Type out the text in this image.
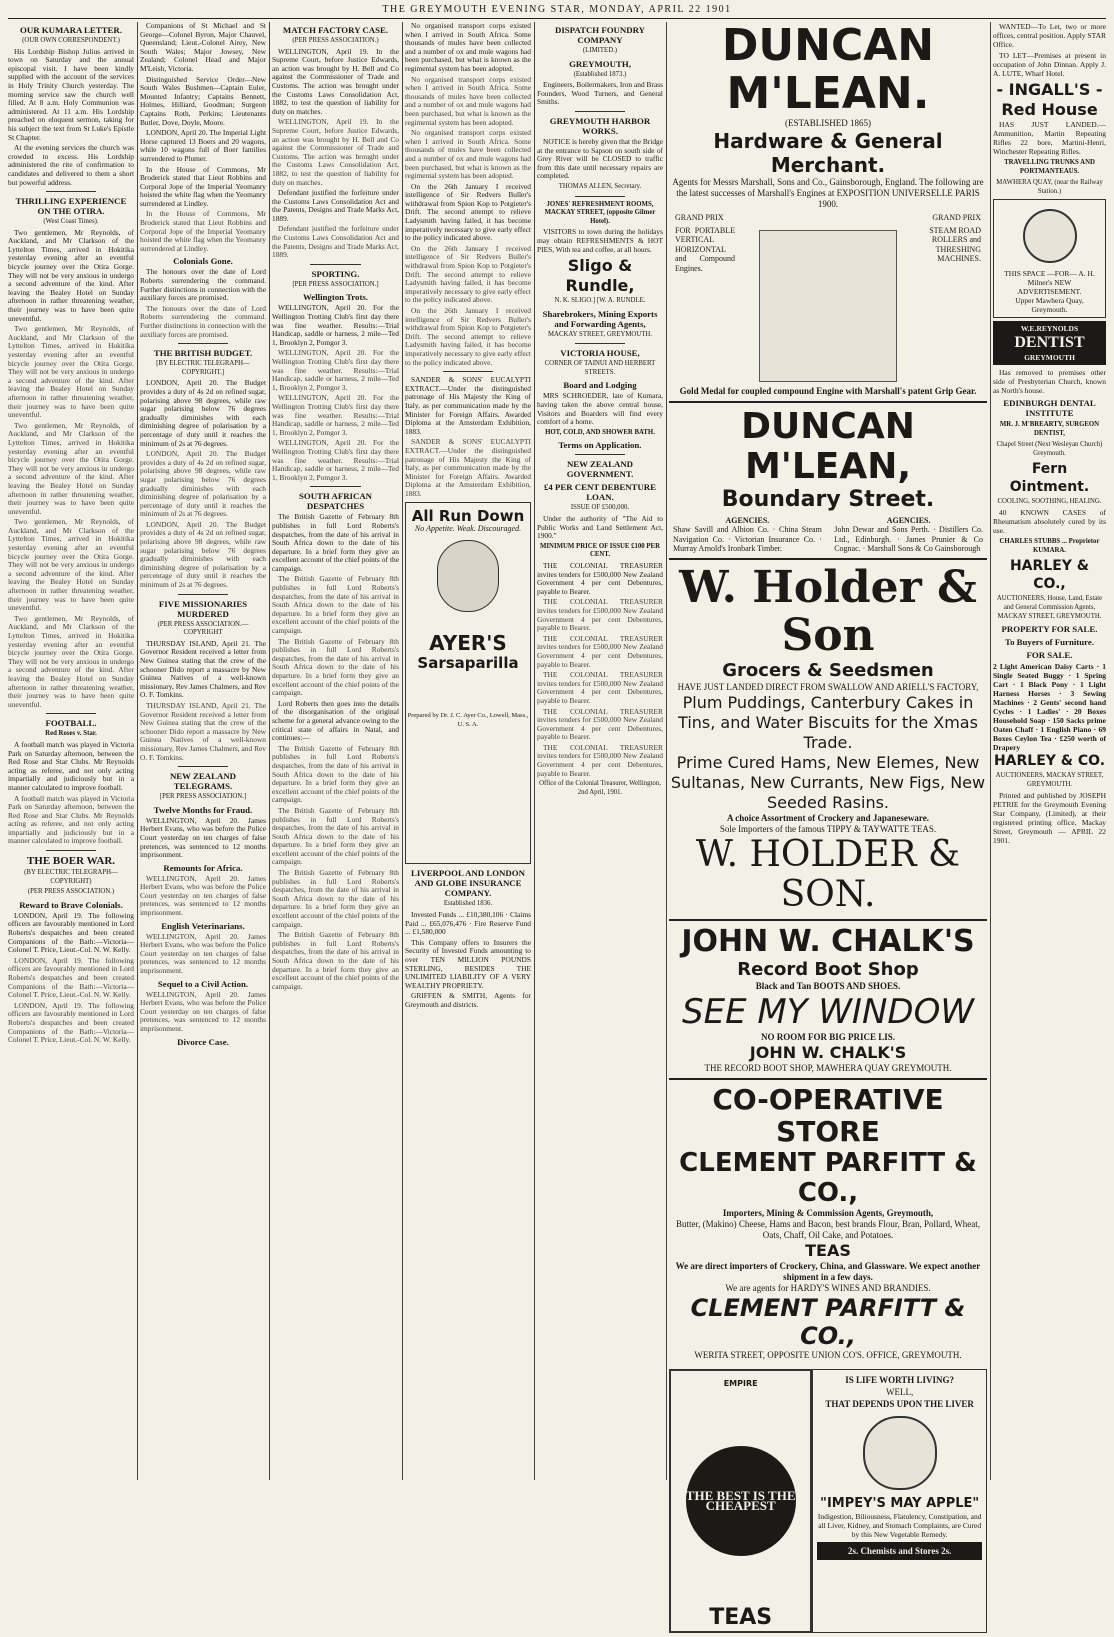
THE GREYMOUTH EVENING STAR, MONDAY, APRIL 22 1901
OUR KUMARA LETTER.
(OUR OWN CORRESPONDENT.)

His Lordship Bishop Julius arrived in town on Saturday and the annual episcopal visit. I have been kindly supplied with the account of the services in Holy Trinity Church yesterday. The morning service saw the church well filled. At 8 a.m. Holy Communion was administered. At 11 a.m. His Lordship preached on eloquent sermon, taking for his subject the text from St Luke's Epistle St Chapter.

At the evening services the church was crowded to excess. His Lordship administered the rite of confirmation to candidates and delivered to them a short but powerful address.

THRILLING EXPERIENCE ON THE OTIRA.
(West Coast Times).

Two gentlemen, Mr Reynolds, of Auckland, and Mr Clarkson of the Lyttelton Times, arrived in Hokitika yesterday evening after an eventful bicycle journey over the Otira Gorge. They will not be very anxious in undergo a second adventure of the kind. After leaving the Bealey Hotel on Sunday afternoon in rather threatening weather, their journey was to have been quite uneventful.

Two gentlemen, Mr Reynolds, of Auckland, and Mr Clarkson of the Lyttelton Times, arrived in Hokitika yesterday evening after an eventful bicycle journey over the Otira Gorge. They will not be very anxious in undergo a second adventure of the kind. After leaving the Bealey Hotel on Sunday afternoon in rather threatening weather, their journey was to have been quite uneventful.

Two gentlemen, Mr Reynolds, of Auckland, and Mr Clarkson of the Lyttelton Times, arrived in Hokitika yesterday evening after an eventful bicycle journey over the Otira Gorge. They will not be very anxious in undergo a second adventure of the kind. After leaving the Bealey Hotel on Sunday afternoon in rather threatening weather, their journey was to have been quite uneventful.

Two gentlemen, Mr Reynolds, of Auckland, and Mr Clarkson of the Lyttelton Times, arrived in Hokitika yesterday evening after an eventful bicycle journey over the Otira Gorge. They will not be very anxious in undergo a second adventure of the kind. After leaving the Bealey Hotel on Sunday afternoon in rather threatening weather, their journey was to have been quite uneventful.

Two gentlemen, Mr Reynolds, of Auckland, and Mr Clarkson of the Lyttelton Times, arrived in Hokitika yesterday evening after an eventful bicycle journey over the Otira Gorge. They will not be very anxious in undergo a second adventure of the kind. After leaving the Bealey Hotel on Sunday afternoon in rather threatening weather, their journey was to have been quite uneventful.

FOOTBALL.
Red Roses v. Star.

A football match was played in Victoria Park on Saturday afternoon, between the Red Rose and Star Clubs. Mr Reynolds acting as referee, and not only acting impartially and judiciously but in a manner calculated to improve football.

A football match was played in Victoria Park on Saturday afternoon, between the Red Rose and Star Clubs. Mr Reynolds acting as referee, and not only acting impartially and judiciously but in a manner calculated to improve football.

THE BOER WAR.
(BY ELECTRIC TELEGRAPH—COPYRIGHT)
(PER PRESS ASSOCIATION.)
Reward to Brave Colonials.

LONDON, April 19. The following officers are favourably mentioned in Lord Roberts's despatches and been created Companions of the Bath:—Victoria—Colonel T. Price, Lieut.-Col. N. W. Kelly.

LONDON, April 19. The following officers are favourably mentioned in Lord Roberts's despatches and been created Companions of the Bath:—Victoria—Colonel T. Price, Lieut.-Col. N. W. Kelly.

LONDON, April 19. The following officers are favourably mentioned in Lord Roberts's despatches and been created Companions of the Bath:—Victoria—Colonel T. Price, Lieut.-Col. N. W. Kelly.

Companions of St Michael and St George—Colonel Byron, Major Chauvel, Queensland; Lieut.-Colonel Airey, New South Wales; Major Jowsey, New Zealand; Colonel Head and Major M'Leish, Victoria.

Distinguished Service Order—New South Wales Bushmen—Captain Euler, Mounted Infantry; Captains Bennett, Holmes, Hilliard, Goodman; Surgeon Captains Roth, Perkins; Lieutenants Butler, Dove, Doyle, Moore.

LONDON, April 20. The Imperial Light Horse captured 13 Boers and 20 wagons, while 10 wagons full of Boer families surrendered to Plumer.

In the House of Commons, Mr Broderick stated that Lieut Robbins and Corporal Jope of the Imperial Yeomanry hoisted the white flag when the Yeomanry surrendered at Lindley.

In the House of Commons, Mr Broderick stated that Lieut Robbins and Corporal Jope of the Imperial Yeomanry hoisted the white flag when the Yeomanry surrendered at Lindley.

Colonials Gone.

The honours over the date of Lord Roberts surrendering the command. Further distinctions in connection with the auxiliary forces are promised.

The honours over the date of Lord Roberts surrendering the command. Further distinctions in connection with the auxiliary forces are promised.

THE BRITISH BUDGET.
[BY ELECTRIC TELEGRAPH—COPYRIGHT.]

LONDON, April 20. The Budget provides a duty of 4s 2d on refined sugar, polarising above 98 degrees, while raw sugar polarising below 76 degrees gradually diminishes with each diminishing degree of polarisation by a percentage of duty until it reaches the minimum of 2s at 76 degrees.

LONDON, April 20. The Budget provides a duty of 4s 2d on refined sugar, polarising above 98 degrees, while raw sugar polarising below 76 degrees gradually diminishes with each diminishing degree of polarisation by a percentage of duty until it reaches the minimum of 2s at 76 degrees.

LONDON, April 20. The Budget provides a duty of 4s 2d on refined sugar, polarising above 98 degrees, while raw sugar polarising below 76 degrees gradually diminishes with each diminishing degree of polarisation by a percentage of duty until it reaches the minimum of 2s at 76 degrees.

FIVE MISSIONARIES MURDERED
(PER PRESS ASSOCIATION.—COPYRIGHT

THURSDAY ISLAND, April 21. The Governor Resident received a letter from New Guinea stating that the crew of the schooner Dido report a massacre by New Guinea Natives of a well-known missionary, Rev James Chalmers, and Rev O. F. Tomkins.

THURSDAY ISLAND, April 21. The Governor Resident received a letter from New Guinea stating that the crew of the schooner Dido report a massacre by New Guinea Natives of a well-known missionary, Rev James Chalmers, and Rev O. F. Tomkins.

NEW ZEALAND TELEGRAMS.
[PER PRESS ASSOCIATION.]
Twelve Months for Fraud.

WELLINGTON, April 20. James Herbert Evans, who was before the Police Court yesterday on ten charges of false pretences, was sentenced to 12 months imprisonment.

Remounts for Africa.

WELLINGTON, April 20. James Herbert Evans, who was before the Police Court yesterday on ten charges of false pretences, was sentenced to 12 months imprisonment.

English Veterinarians.

WELLINGTON, April 20. James Herbert Evans, who was before the Police Court yesterday on ten charges of false pretences, was sentenced to 12 months imprisonment.

Sequel to a Civil Action.

WELLINGTON, April 20. James Herbert Evans, who was before the Police Court yesterday on ten charges of false pretences, was sentenced to 12 months imprisonment.

Divorce Case.
MATCH FACTORY CASE.
(PER PRESS ASSOCIATION.)

WELLINGTON, April 19. In the Supreme Court, before Justice Edwards, an action was brought by H. Bell and Co against the Commissioner of Trade and Customs. The action was brought under the Customs Laws Consolidation Act, 1882, to test the question of liability for duty on matches.

WELLINGTON, April 19. In the Supreme Court, before Justice Edwards, an action was brought by H. Bell and Co against the Commissioner of Trade and Customs. The action was brought under the Customs Laws Consolidation Act, 1882, to test the question of liability for duty on matches.

Defendant justified the forfeiture under the Customs Laws Consolidation Act and the Patents, Designs and Trade Marks Act, 1889.

Defendant justified the forfeiture under the Customs Laws Consolidation Act and the Patents, Designs and Trade Marks Act, 1889.

SPORTING.
[PER PRESS ASSOCIATION.]
Wellington Trots.

WELLINGTON, April 20. For the Wellington Trotting Club's first day there was fine weather. Results:—Trial Handicap, saddle or harness, 2 mile—Ted 1, Brooklyn 2, Pomgor 3.

WELLINGTON, April 20. For the Wellington Trotting Club's first day there was fine weather. Results:—Trial Handicap, saddle or harness, 2 mile—Ted 1, Brooklyn 2, Pomgor 3.

WELLINGTON, April 20. For the Wellington Trotting Club's first day there was fine weather. Results:—Trial Handicap, saddle or harness, 2 mile—Ted 1, Brooklyn 2, Pomgor 3.

WELLINGTON, April 20. For the Wellington Trotting Club's first day there was fine weather. Results:—Trial Handicap, saddle or harness, 2 mile—Ted 1, Brooklyn 2, Pomgor 3.

SOUTH AFRICAN DESPATCHES

The British Gazette of February 8th publishes in full Lord Roberts's despatches, from the date of his arrival in South Africa down to the date of his departure. In a brief form they give an excellent account of the chief points of the campaign.

The British Gazette of February 8th publishes in full Lord Roberts's despatches, from the date of his arrival in South Africa down to the date of his departure. In a brief form they give an excellent account of the chief points of the campaign.

The British Gazette of February 8th publishes in full Lord Roberts's despatches, from the date of his arrival in South Africa down to the date of his departure. In a brief form they give an excellent account of the chief points of the campaign.

Lord Roberts then goes into the details of the disorganisation of the original scheme for a general advance owing to the critical state of affairs in Natal, and continues:—

The British Gazette of February 8th publishes in full Lord Roberts's despatches, from the date of his arrival in South Africa down to the date of his departure. In a brief form they give an excellent account of the chief points of the campaign.

The British Gazette of February 8th publishes in full Lord Roberts's despatches, from the date of his arrival in South Africa down to the date of his departure. In a brief form they give an excellent account of the chief points of the campaign.

The British Gazette of February 8th publishes in full Lord Roberts's despatches, from the date of his arrival in South Africa down to the date of his departure. In a brief form they give an excellent account of the chief points of the campaign.

The British Gazette of February 8th publishes in full Lord Roberts's despatches, from the date of his arrival in South Africa down to the date of his departure. In a brief form they give an excellent account of the chief points of the campaign.

No organised transport corps existed when I arrived in South Africa. Some thousands of mules have been collected and a number of ox and mule wagons had been purchased, but what is known as the regimental system has been adopted.

No organised transport corps existed when I arrived in South Africa. Some thousands of mules have been collected and a number of ox and mule wagons had been purchased, but what is known as the regimental system has been adopted.

No organised transport corps existed when I arrived in South Africa. Some thousands of mules have been collected and a number of ox and mule wagons had been purchased, but what is known as the regimental system has been adopted.

On the 26th January I received intelligence of Sir Redvers Buller's withdrawal from Spion Kop to Potgieter's Drift. The second attempt to relieve Ladysmith having failed, it has become imperatively necessary to give early effect to the policy indicated above.

On the 26th January I received intelligence of Sir Redvers Buller's withdrawal from Spion Kop to Potgieter's Drift. The second attempt to relieve Ladysmith having failed, it has become imperatively necessary to give early effect to the policy indicated above.

On the 26th January I received intelligence of Sir Redvers Buller's withdrawal from Spion Kop to Potgieter's Drift. The second attempt to relieve Ladysmith having failed, it has become imperatively necessary to give early effect to the policy indicated above.

SANDER & SONS' EUCALYPTI EXTRACT.—Under the distinguished patronage of His Majesty the King of Italy, as per communication made by the Minister for Foreign Affairs. Awarded Diploma at the Amsterdam Exhibition, 1883.

SANDER & SONS' EUCALYPTI EXTRACT.—Under the distinguished patronage of His Majesty the King of Italy, as per communication made by the Minister for Foreign Affairs. Awarded Diploma at the Amsterdam Exhibition, 1883.

All Run Down
No Appetite. Weak. Discouraged.
AYER'S
Sarsaparilla
Prepared by Dr. J. C. Ayer Co., Lowell, Mass., U. S. A.
LIVERPOOL AND LONDON AND GLOBE INSURANCE COMPANY.
Established 1836.

Invested Funds ... £10,380,106 · Claims Paid ... £65,076,476 · Fire Reserve Fund ... £1,580,000

This Company offers to Insurers the Security of Invested Funds amounting to over TEN MILLION POUNDS STERLING, BESIDES THE UNLIMITED LIABILITY OF A VERY WEALTHY PROPRIETY.

GRIFFEN & SMITH, Agents for Greymouth and districts.

DISPATCH FOUNDRY COMPANY
(LIMITED.)
GREYMOUTH,
(Established 1873.)

Engineers, Boilermakers, Iron and Brass Founders, Wood Turners, and General Smiths.

GREYMOUTH HARBOR WORKS.

NOTICE is hereby given that the Bridge at the entrance to Sapson on south side of Grey River will be CLOSED to traffic from this date until necessary repairs are completed.

THOMAS ALLEN, Secretary.
JONES' REFRESHMENT ROOMS, MACKAY STREET, (opposite Gilmer Hotel).

VISITORS to town during the holidays may obtain REFRESHMENTS & HOT PIES, With tea and coffee, at all hours.

Sligo & Rundle,
N. K. SLIGO.] [W. A. RUNDLE.
Sharebrokers, Mining Exports and Forwarding Agents,
MACKAY STREET, GREYMOUTH.
VICTORIA HOUSE,
CORNER OF TAINUI AND HERBERT STREETS.
Board and Lodging

MRS SCHROEDER, late of Kumara, having taken the above central house, Visitors and Boarders will find every comfort of a home.

HOT, COLD, AND SHOWER BATH.
Terms on Application.
NEW ZEALAND GOVERNMENT.
£4 PER CENT DEBENTURE LOAN.
ISSUE OF £500,000.

Under the authority of "The Aid to Public Works and Land Settlement Act, 1900."

MINIMUM PRICE OF ISSUE £100 PER CENT.

THE COLONIAL TREASURER invites tenders for £500,000 New Zealand Government 4 per cent Debentures, payable to Bearer.

THE COLONIAL TREASURER invites tenders for £500,000 New Zealand Government 4 per cent Debentures, payable to Bearer.

THE COLONIAL TREASURER invites tenders for £500,000 New Zealand Government 4 per cent Debentures, payable to Bearer.

THE COLONIAL TREASURER invites tenders for £500,000 New Zealand Government 4 per cent Debentures, payable to Bearer.

THE COLONIAL TREASURER invites tenders for £500,000 New Zealand Government 4 per cent Debentures, payable to Bearer.

THE COLONIAL TREASURER invites tenders for £500,000 New Zealand Government 4 per cent Debentures, payable to Bearer.

Office of the Colonial Treasurer, Wellington, 2nd April, 1901.
DUNCAN M'LEAN.
(ESTABLISHED 1865)
Hardware & General Merchant.
Agents for Messrs Marshall, Sons and Co., Gainsborough, England. The following are the latest successes of Marshall's Engines at EXPOSITION UNIVERSELLE PARIS 1900.
GRAND PRIX	GRAND PRIX
FOR PORTABLE VERTICAL HORIZONTAL and Compound Engines.
STEAM ROAD ROLLERS and THRESHING MACHINES.
Gold Medal for coupled compound Engine with Marshall's patent Grip Gear.
DUNCAN M'LEAN,
Boundary Street.
AGENCIES.
Shaw Savill and Albion Co. · China Steam Navigation Co. · Victorian Insurance Co. · Murray Arnold's Ironbark Timber.
AGENCIES.
John Dewar and Sons Perth. · Distillers Co. Ltd., Edinburgh. · James Prunier & Co Cognac. · Marshall Sons & Co Gainsborough
W. Holder & Son
Grocers & Seedsmen
HAVE JUST LANDED DIRECT FROM SWALLOW AND ARIELL'S FACTORY,
Plum Puddings, Canterbury Cakes in Tins, and Water Biscuits for the Xmas Trade.
Prime Cured Hams, New Elemes, New Sultanas, New Currants, New Figs, New Seeded Rasins.
A choice Assortment of Crockery and Japaneseware.
Sole Importers of the famous TIPPY & TAYWATTE TEAS.
W. HOLDER & SON.
JOHN W. CHALK'S
Record Boot Shop
Black and Tan BOOTS AND SHOES.
SEE MY WINDOW
NO ROOM FOR BIG PRICE LIS.
JOHN W. CHALK'S
THE RECORD BOOT SHOP, MAWHERA QUAY GREYMOUTH.
CO-OPERATIVE STORE
CLEMENT PARFITT & CO.,
Importers, Mining & Commission Agents, Greymouth,
Butter, (Makino) Cheese, Hams and Bacon, best brands Flour, Bran, Pollard, Wheat, Oats, Chaff, Oil Cake, and Potatoes.
TEAS
We are direct importers of Crockery, China, and Glassware. We expect another shipment in a few days.
We are agents for HARDY'S WINES AND BRANDIES.
CLEMENT PARFITT & CO.,
WERITA STREET, OPPOSITE UNION CO'S. OFFICE, GREYMOUTH.
EMPIRE
THE BEST IS THE CHEAPEST
TEAS
IS LIFE WORTH LIVING?
WELL,
THAT DEPENDS UPON THE LIVER
"IMPEY'S MAY APPLE"
Indigestion, Biliousness, Flatulency, Constipation, and all Liver, Kidney, and Stomach Complaints, are Cured by this New Vegetable Remedy.
2s. Chemists and Stores 2s.

WANTED—To Let, two or more offices, central position. Apply STAR Office.

TO LET—Premises at present in occupation of John Dinnan. Apply J. A. LUTE, Wharf Hotel.

- INGALL'S -
Red House

HAS JUST LANDED.—Ammunition, Martin Repeating Rifles 22 bore, Martini-Henri, Winchester Repeating Rifles.

TRAVELLING TRUNKS AND PORTMANTEAUS.
MAWHERA QUAY, (near the Railway Station.)
THIS SPACE —FOR— A. H. Milner's NEW ADVERTISEMENT.
Upper Mawhera Quay, Greymouth.
W.E.REYNOLDS
DENTIST
GREYMOUTH

Has removed to premises other side of Presbyterian Church, known as North's house.

EDINBURGH DENTAL INSTITUTE
MR. J. M'BREARTY, SURGEON DENTIST,
Chapel Street (Next Wesleyan Church) Greymouth.
Fern Ointment.
COOLING, SOOTHING, HEALING.

40 KNOWN CASES of Rheumatism absolutely cured by its use.

CHARLES STUBBS ... Proprietor KUMARA.
HARLEY & CO.,
AUCTIONEERS, House, Land, Estate and General Commission Agents, MACKAY STREET, GREYMOUTH.
PROPERTY FOR SALE.
To Buyers of Furniture.
FOR SALE.
2 Light American Daisy Carts · 1 Single Seated Buggy · 1 Spring Cart · 1 Black Pony · 1 Light Harness Horses · 3 Sewing Machines · 2 Gents' second hand Cycles · 1 Ladies' · 20 Boxes Household Soap · 150 Sacks prime Oaten Chaff · 1 English Piano · 69 Boxes Ceylon Tea · £250 worth of Drapery
HARLEY & CO.
AUCTIONEERS, MACKAY STREET, GREYMOUTH.

Printed and published by JOSEPH PETRIE for the Greymouth Evening Star Company, (Limited), at their registered printing office, Mackay Street, Greymouth — APRIL 22 1901.
